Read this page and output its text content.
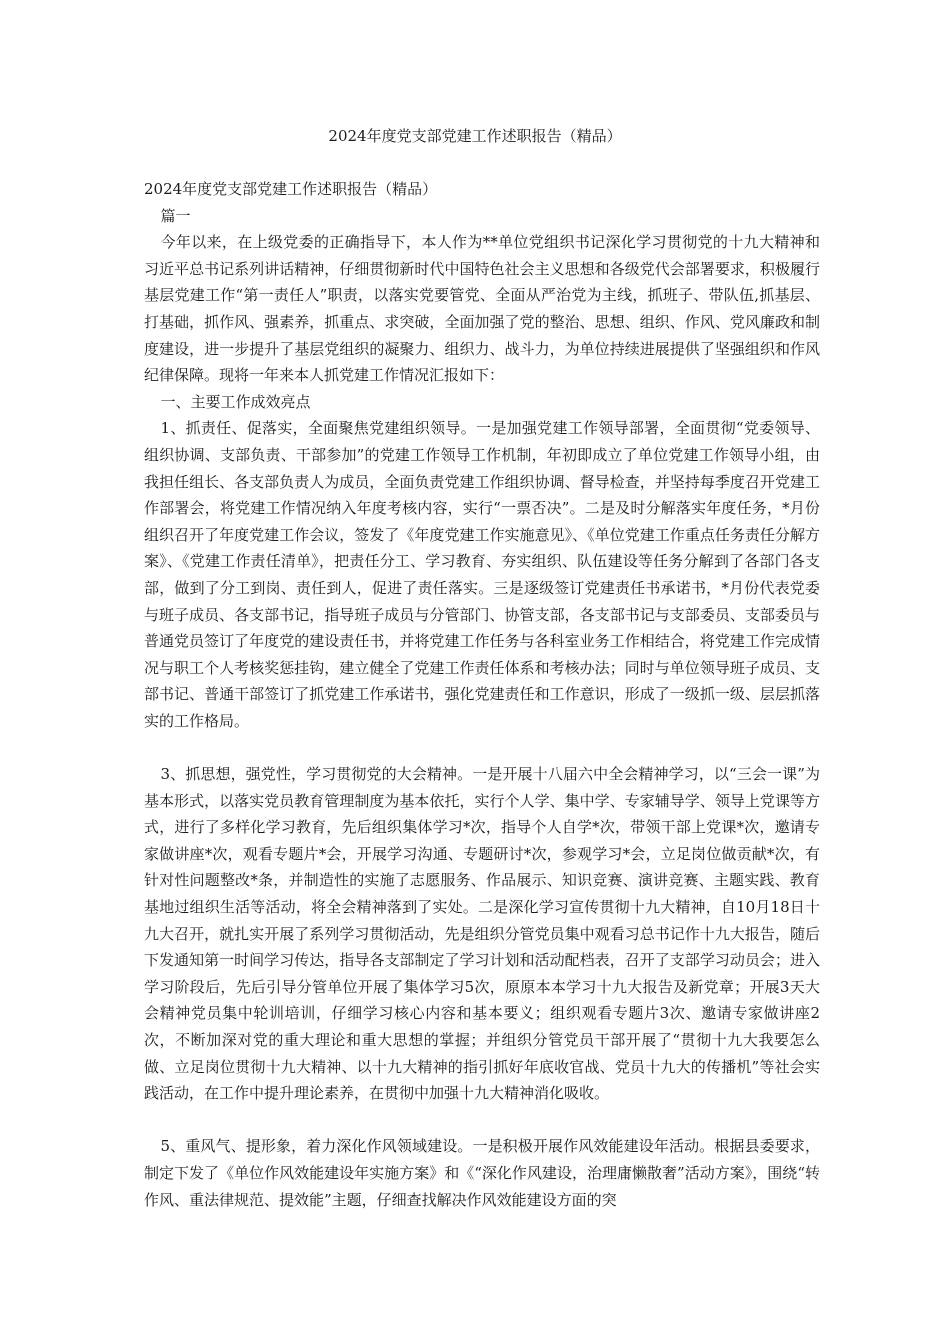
2024年度党支部党建工作述职报告（精品）

2024年度党支部党建工作述职报告（精品）

篇一

今年以来，在上级党委的正确指导下，本人作为**单位党组织书记深化学习贯彻党的十九大精神和习近平总书记系列讲话精神，仔细贯彻新时代中国特色社会主义思想和各级党代会部署要求，积极履行基层党建工作“第一责任人”职责，以落实党要管党、全面从严治党为主线，抓班子、带队伍,抓基层、打基础，抓作风、强素养，抓重点、求突破，全面加强了党的整治、思想、组织、作风、党风廉政和制度建设，进一步提升了基层党组织的凝聚力、组织力、战斗力，为单位持续进展提供了坚强组织和作风纪律保障。现将一年来本人抓党建工作情况汇报如下：

一、主要工作成效亮点

1、抓责任、促落实，全面聚焦党建组织领导。一是加强党建工作领导部署，全面贯彻“党委领导、组织协调、支部负责、干部参加”的党建工作领导工作机制，年初即成立了单位党建工作领导小组，由我担任组长、各支部负责人为成员，全面负责党建工作组织协调、督导检查，并坚持每季度召开党建工作部署会，将党建工作情况纳入年度考核内容，实行“一票否决”。二是及时分解落实年度任务，*月份组织召开了年度党建工作会议，签发了《年度党建工作实施意见》、《单位党建工作重点任务责任分解方案》、《党建工作责任清单》，把责任分工、学习教育、夯实组织、队伍建设等任务分解到了各部门各支部，做到了分工到岗、责任到人，促进了责任落实。三是逐级签订党建责任书承诺书，*月份代表党委与班子成员、各支部书记，指导班子成员与分管部门、协管支部，各支部书记与支部委员、支部委员与普通党员签订了年度党的建设责任书，并将党建工作任务与各科室业务工作相结合，将党建工作完成情况与职工个人考核奖惩挂钩，建立健全了党建工作责任体系和考核办法；同时与单位领导班子成员、支部书记、普通干部签订了抓党建工作承诺书，强化党建责任和工作意识，形成了一级抓一级、层层抓落实的工作格局。

3、抓思想，强党性，学习贯彻党的大会精神。一是开展十八届六中全会精神学习，以“三会一课”为基本形式，以落实党员教育管理制度为基本依托，实行个人学、集中学、专家辅导学、领导上党课等方式，进行了多样化学习教育，先后组织集体学习*次，指导个人自学*次，带领干部上党课*次，邀请专家做讲座*次，观看专题片*会，开展学习沟通、专题研讨*次，参观学习*会，立足岗位做贡献*次，有针对性问题整改*条，并制造性的实施了志愿服务、作品展示、知识竞赛、演讲竞赛、主题实践、教育基地过组织生活等活动，将全会精神落到了实处。二是深化学习宣传贯彻十九大精神，自10月18日十九大召开，就扎实开展了系列学习贯彻活动，先是组织分管党员集中观看习总书记作十九大报告，随后下发通知第一时间学习传达，指导各支部制定了学习计划和活动配档表，召开了支部学习动员会；进入学习阶段后，先后引导分管单位开展了集体学习5次，原原本本学习十九大报告及新党章；开展3天大会精神党员集中轮训培训，仔细学习核心内容和基本要义；组织观看专题片3次、邀请专家做讲座2次，不断加深对党的重大理论和重大思想的掌握；并组织分管党员干部开展了“贯彻十九大我要怎么做、立足岗位贯彻十九大精神、以十九大精神的指引抓好年底收官战、党员十九大的传播机”等社会实践活动，在工作中提升理论素养，在贯彻中加强十九大精神消化吸收。

5、重风气、提形象，着力深化作风领域建设。一是积极开展作风效能建设年活动。根据县委要求，制定下发了《单位作风效能建设年实施方案》和《“深化作风建设，治理庸懒散奢”活动方案》，围绕“转作风、重法律规范、提效能”主题，仔细查找解决作风效能建设方面的突
